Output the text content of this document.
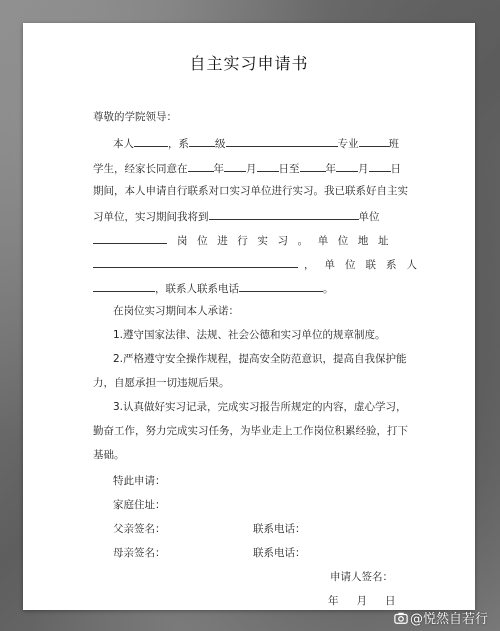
自主实习申请书
尊敬的学院领导：
本人	，系 级	专业	班
学生，经家长同意在 年 月 日至 年 月 日
期间，本人申请自行联系对口实习单位进行实习。我已联系好自主实
习单位，实习期间我将到	单位
岗位进行实习。单位地址
，单位联系人
，联系人联系电话	。
在岗位实习期间本人承诺：
1.遵守国家法律、法规、社会公德和实习单位的规章制度。
2.严格遵守安全操作规程，提高安全防范意识，提高自我保护能
力，自愿承担一切违规后果。
3.认真做好实习记录，完成实习报告所规定的内容，虚心学习，
勤奋工作，努力完成实习任务，为毕业走上工作岗位积累经验，打下
基础。
特此申请：
家庭住址：
父亲签名：	联系电话：
母亲签名：	联系电话：
申请人签名：
年 月 日
@悦然自若行
